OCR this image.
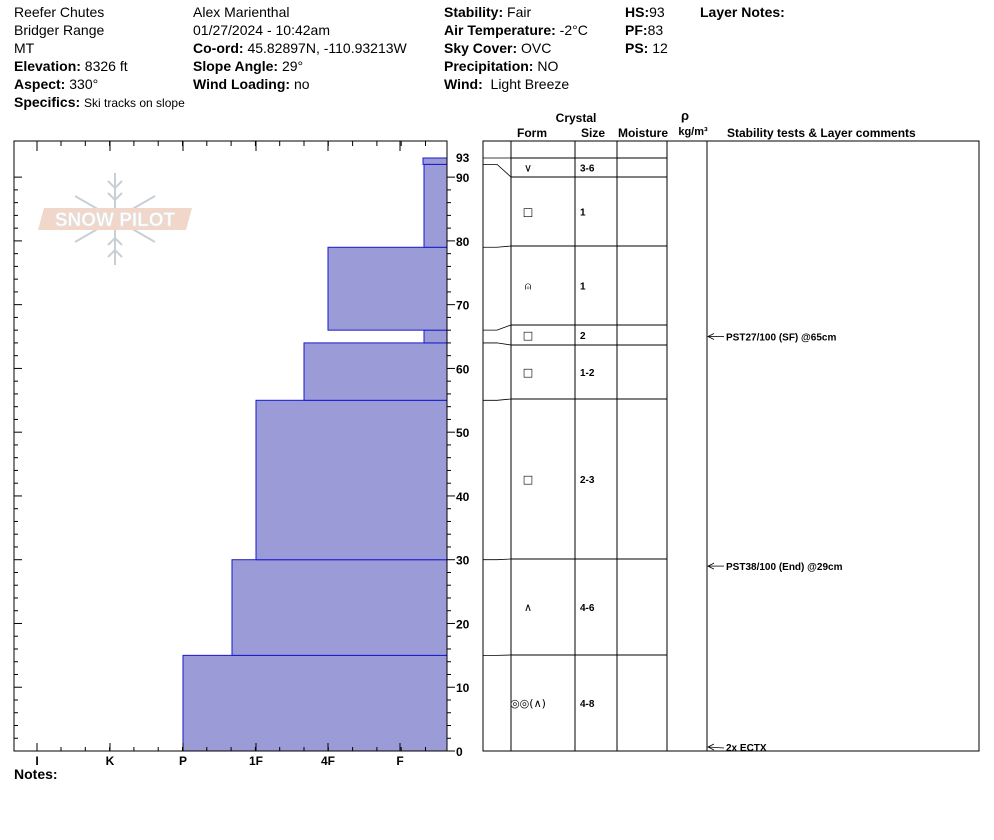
Reefer Chutes
Bridger Range
MT
Elevation: 8326 ft
Aspect: 330°
Specifics: Ski tracks on slope
Alex Marienthal
01/27/2024 - 10:42am
Co-ord: 45.82897N, -110.93213W
Slope Angle: 29°
Wind Loading: no
Stability: Fair
Air Temperature: -2°C
Sky Cover: OVC
Precipitation: NO
Wind: Light Breeze
HS:93
PF:83
PS: 12
Layer Notes:
Notes:
SNOW PILOT
I	K	P	1F	4F	F
0
10
20
30
40
50
60
70
80
90
93
◎◎(∧)	4-8
∧	4-6
□	2-3
□	1-2
□	2
⍝	1
□	1
∨	3-6
Crystal
Form	Size Moisture
ρ
kg/m³ Stability tests & Layer comments
PST27/100 (SF) @65cm
PST38/100 (End) @29cm
2x ECTX
